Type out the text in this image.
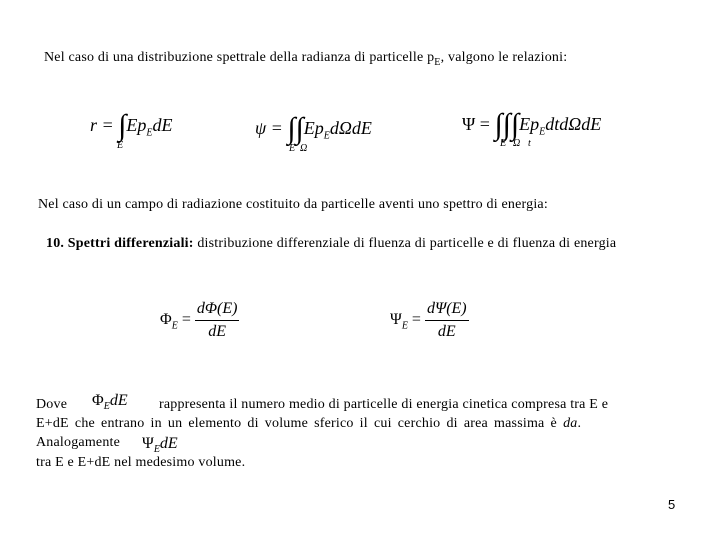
Nel caso di una distribuzione spettrale della radianza di particelle $p_E$, valgono le relazioni:
$r = \int Ep_EdE$
E
$\psi = \int\int Ep_Ed\Omega dE$
E Ω
$\Psi = \int\int\int Ep_Edtd\Omega dE$
E Ω t
Nel caso di un campo di radiazione costituito da particelle aventi uno spettro di energia:
10. Spettri differenziali: distribuzione differenziale di fluenza di particelle e di fluenza di energia
$\Phi_E = \frac{d\Phi(E)}{dE}$	$\Psi_E = \frac{d\Psi(E)}{dE}$
Dove $\Phi_EdE$ rappresenta il numero medio di particelle di energia cinetica compresa tra E e
E+dE che entrano in un elemento di volume sferico il cui cerchio di area massima è da.
Analogamente $\Psi_EdE$
tra E e E+dE nel medesimo volume.
5
